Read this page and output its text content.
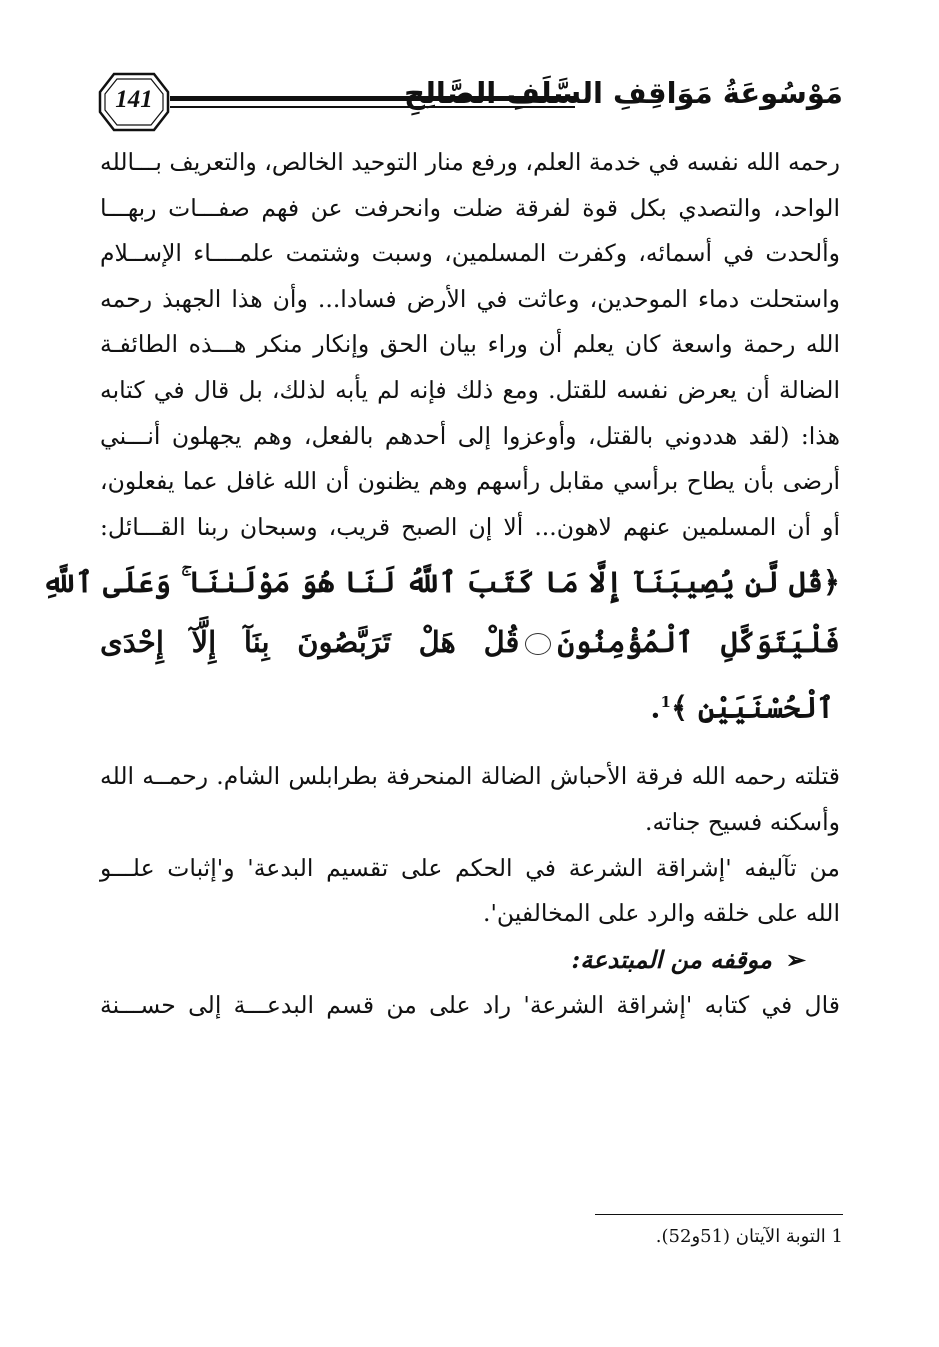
141	مَوْسُوعَةُ مَوَاقِفِ السَّلَفِ الصَّالِحِ

رحمه الله نفسه في خدمة العلم، ورفع منار التوحيد الخالص، والتعريف بـــالله

الواحد، والتصدي بكل قوة لفرقة ضلت وانحرفت عن فهم صفـــات ربهـــا

وألحدت في أسمائه، وكفرت المسلمين، وسبت وشتمت علمــــاء الإســلام

واستحلت دماء الموحدين، وعاثت في الأرض فسادا... وأن هذا الجهبذ رحمه

الله رحمة واسعة كان يعلم أن وراء بيان الحق وإنكار منكر هـــذه الطائفـة

الضالة أن يعرض نفسه للقتل. ومع ذلك فإنه لم يأبه لذلك، بل قال في كتابه

هذا: (لقد هددوني بالقتل، وأوعزوا إلى أحدهم بالفعل، وهم يجهلون أنـــني

أرضى بأن يطاح برأسي مقابل رأسهم وهم يظنون أن الله غافل عما يفعلون،

أو أن المسلمين عنهم لاهون... ألا إن الصبح قريب، وسبحان ربنا القـــائل:

﴿قُل لَّن يُصِيبَنَآ إِلَّا مَا كَتَبَ ٱللَّهُ لَنَا هُوَ مَوْلَىٰنَا ۚ وَعَلَى ٱللَّهِ

فَلْيَتَوَكَّلِ ٱلْمُؤْمِنُونَقُلْ هَلْ تَرَبَّصُونَ بِنَآ إِلَّآ إِحْدَى

ٱلْحُسْنَيَيْنِ ﴾$^1$.

قتلته رحمه الله فرقة الأحباش الضالة المنحرفة بطرابلس الشام. رحمــه الله

وأسكنه فسيح جناته.

من تآليفه 'إشراقة الشرعة في الحكم على تقسيم البدعة' و'إثبات علـــو

الله على خلقه والرد على المخالفين'.

➢موقفه من المبتدعة:

قال في كتابه 'إشراقة الشرعة' راد على من قسم البدعـــة إلى حســـنة

1 التوبة الآيتان (51و52).
